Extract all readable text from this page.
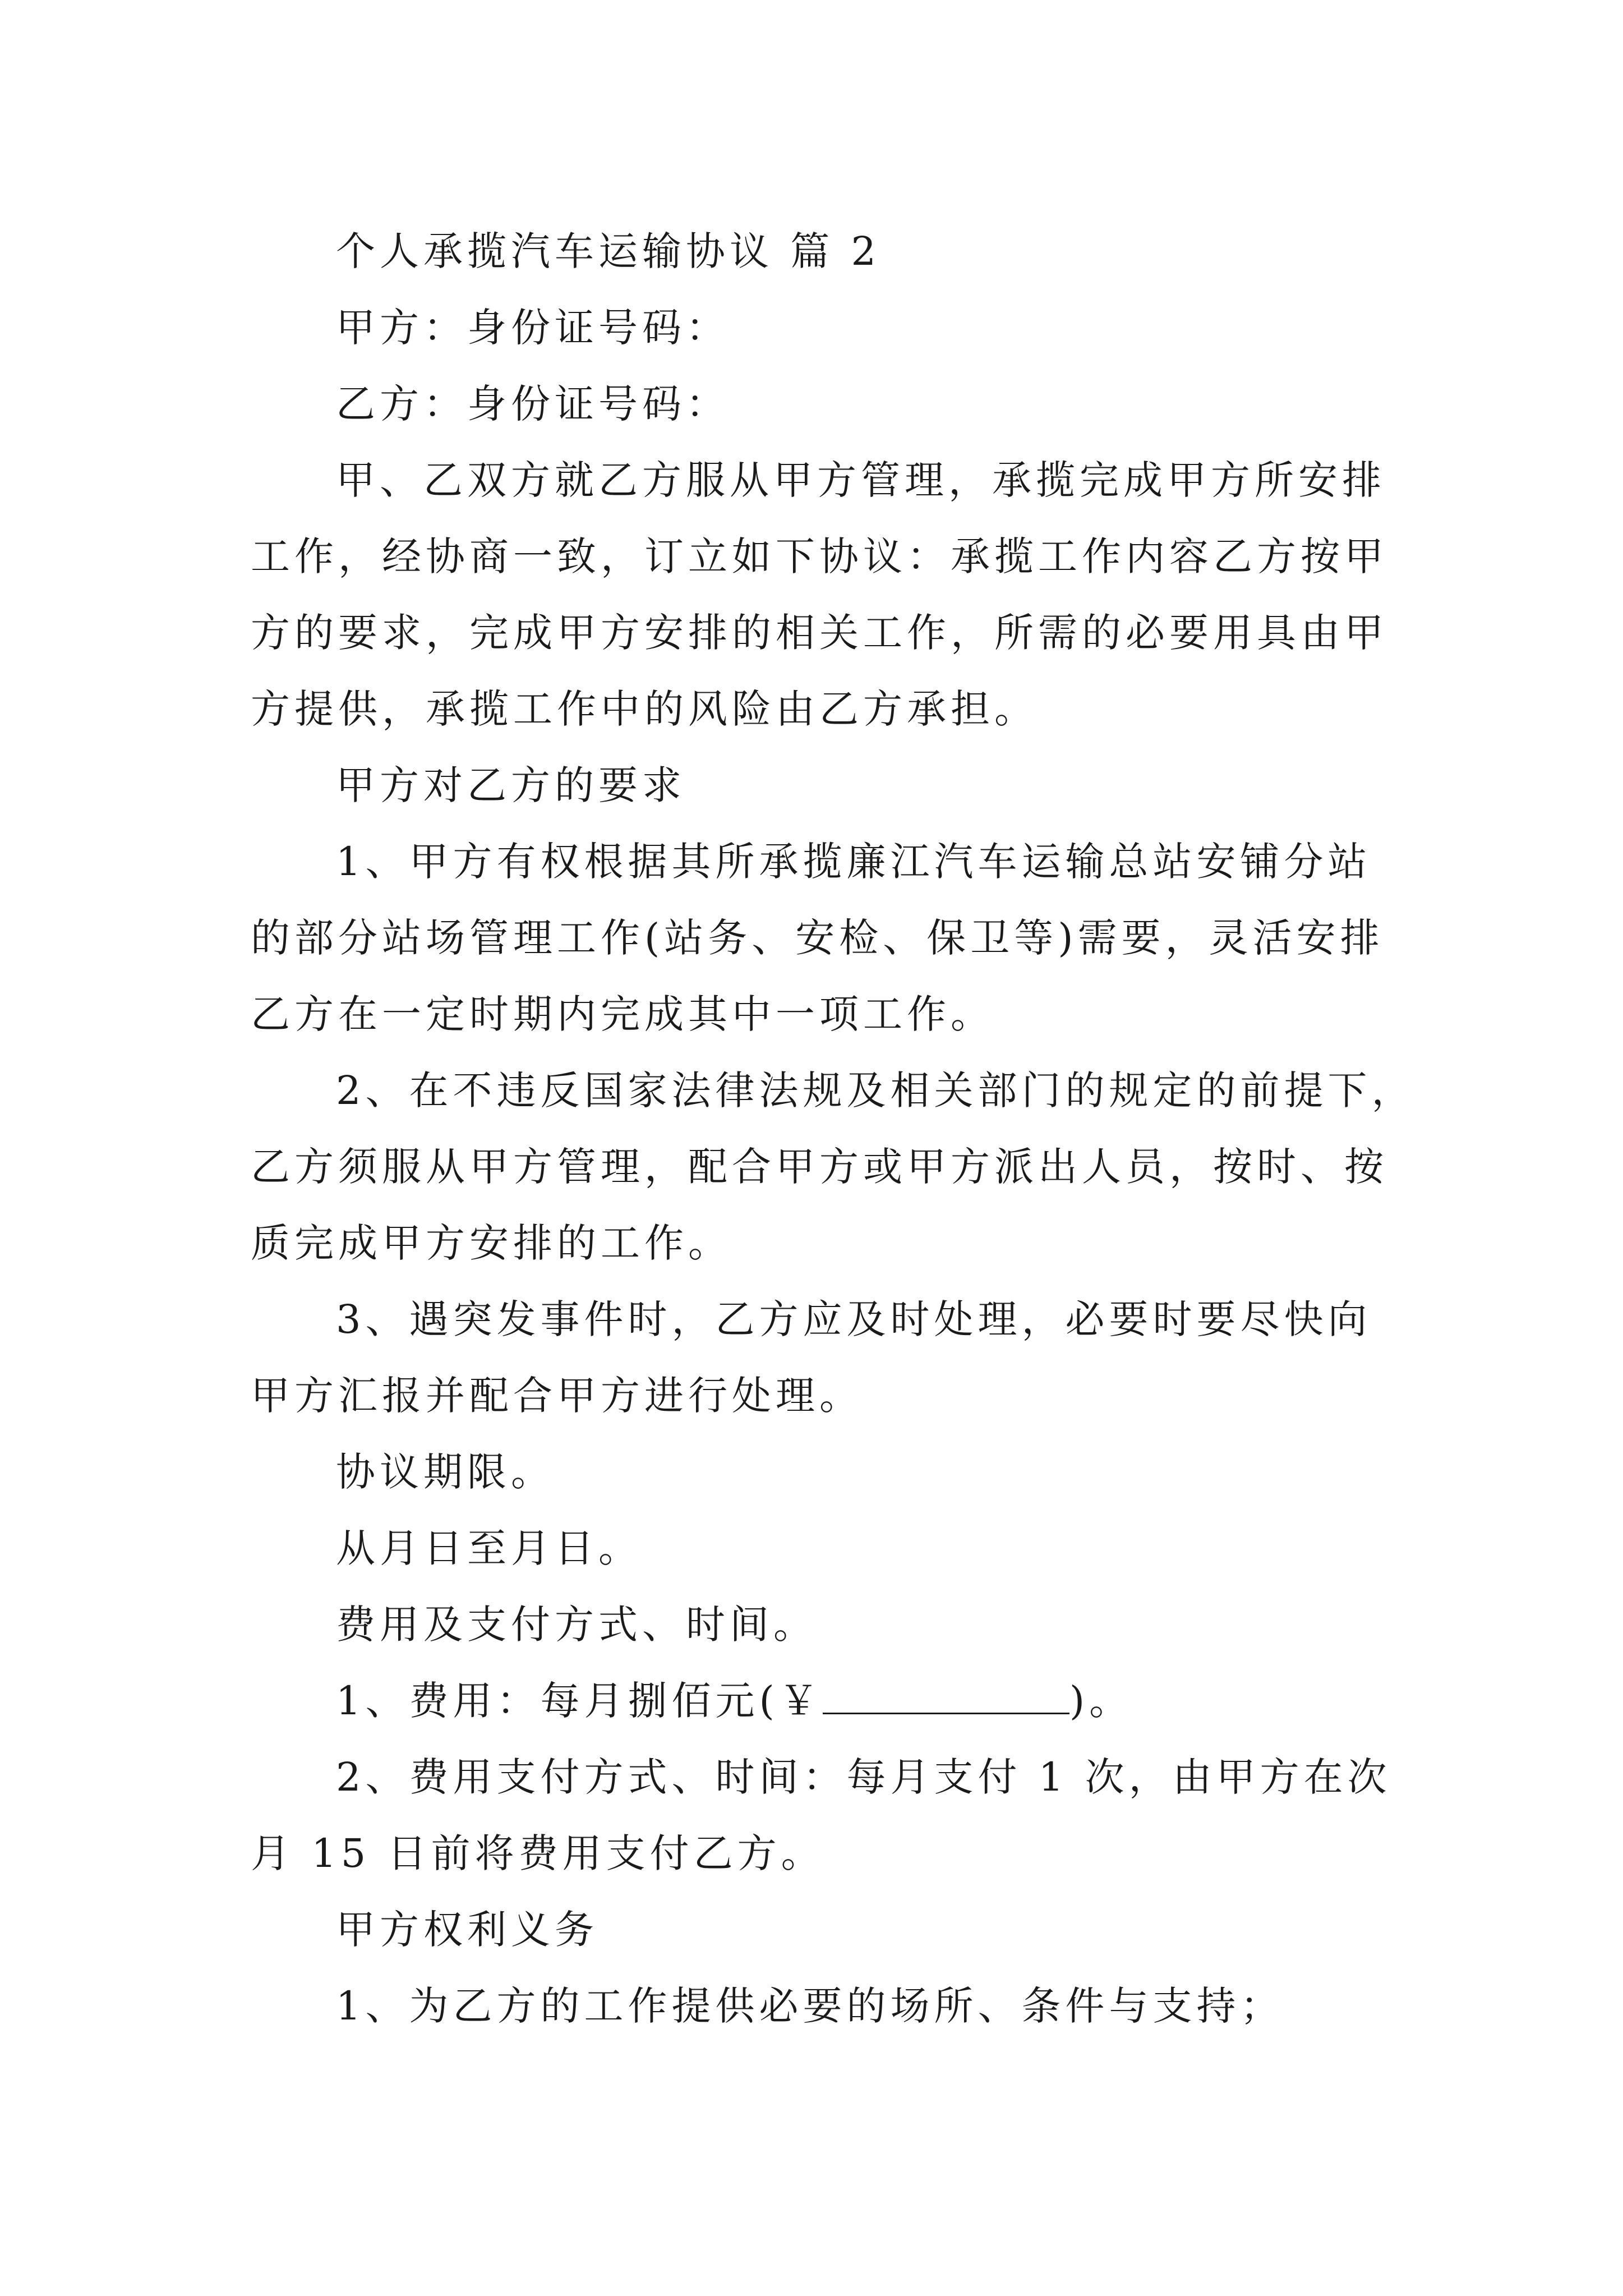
个人承揽汽车运输协议 篇 2
甲方：身份证号码：
乙方：身份证号码：
甲、乙双方就乙方服从甲方管理，承揽完成甲方所安排
工作，经协商一致，订立如下协议：承揽工作内容乙方按甲
方的要求，完成甲方安排的相关工作，所需的必要用具由甲
方提供，承揽工作中的风险由乙方承担。
甲方对乙方的要求
1、甲方有权根据其所承揽廉江汽车运输总站安铺分站
的部分站场管理工作(站务、安检、保卫等)需要，灵活安排
乙方在一定时期内完成其中一项工作。
2、在不违反国家法律法规及相关部门的规定的前提下，
乙方须服从甲方管理，配合甲方或甲方派出人员，按时、按
质完成甲方安排的工作。
3、遇突发事件时，乙方应及时处理，必要时要尽快向
甲方汇报并配合甲方进行处理。
协议期限。
从月日至月日。
费用及支付方式、时间。
1、费用：每月捌佰元(￥	)。
2、费用支付方式、时间：每月支付 1 次，由甲方在次
月 15 日前将费用支付乙方。
甲方权利义务
1、为乙方的工作提供必要的场所、条件与支持；
